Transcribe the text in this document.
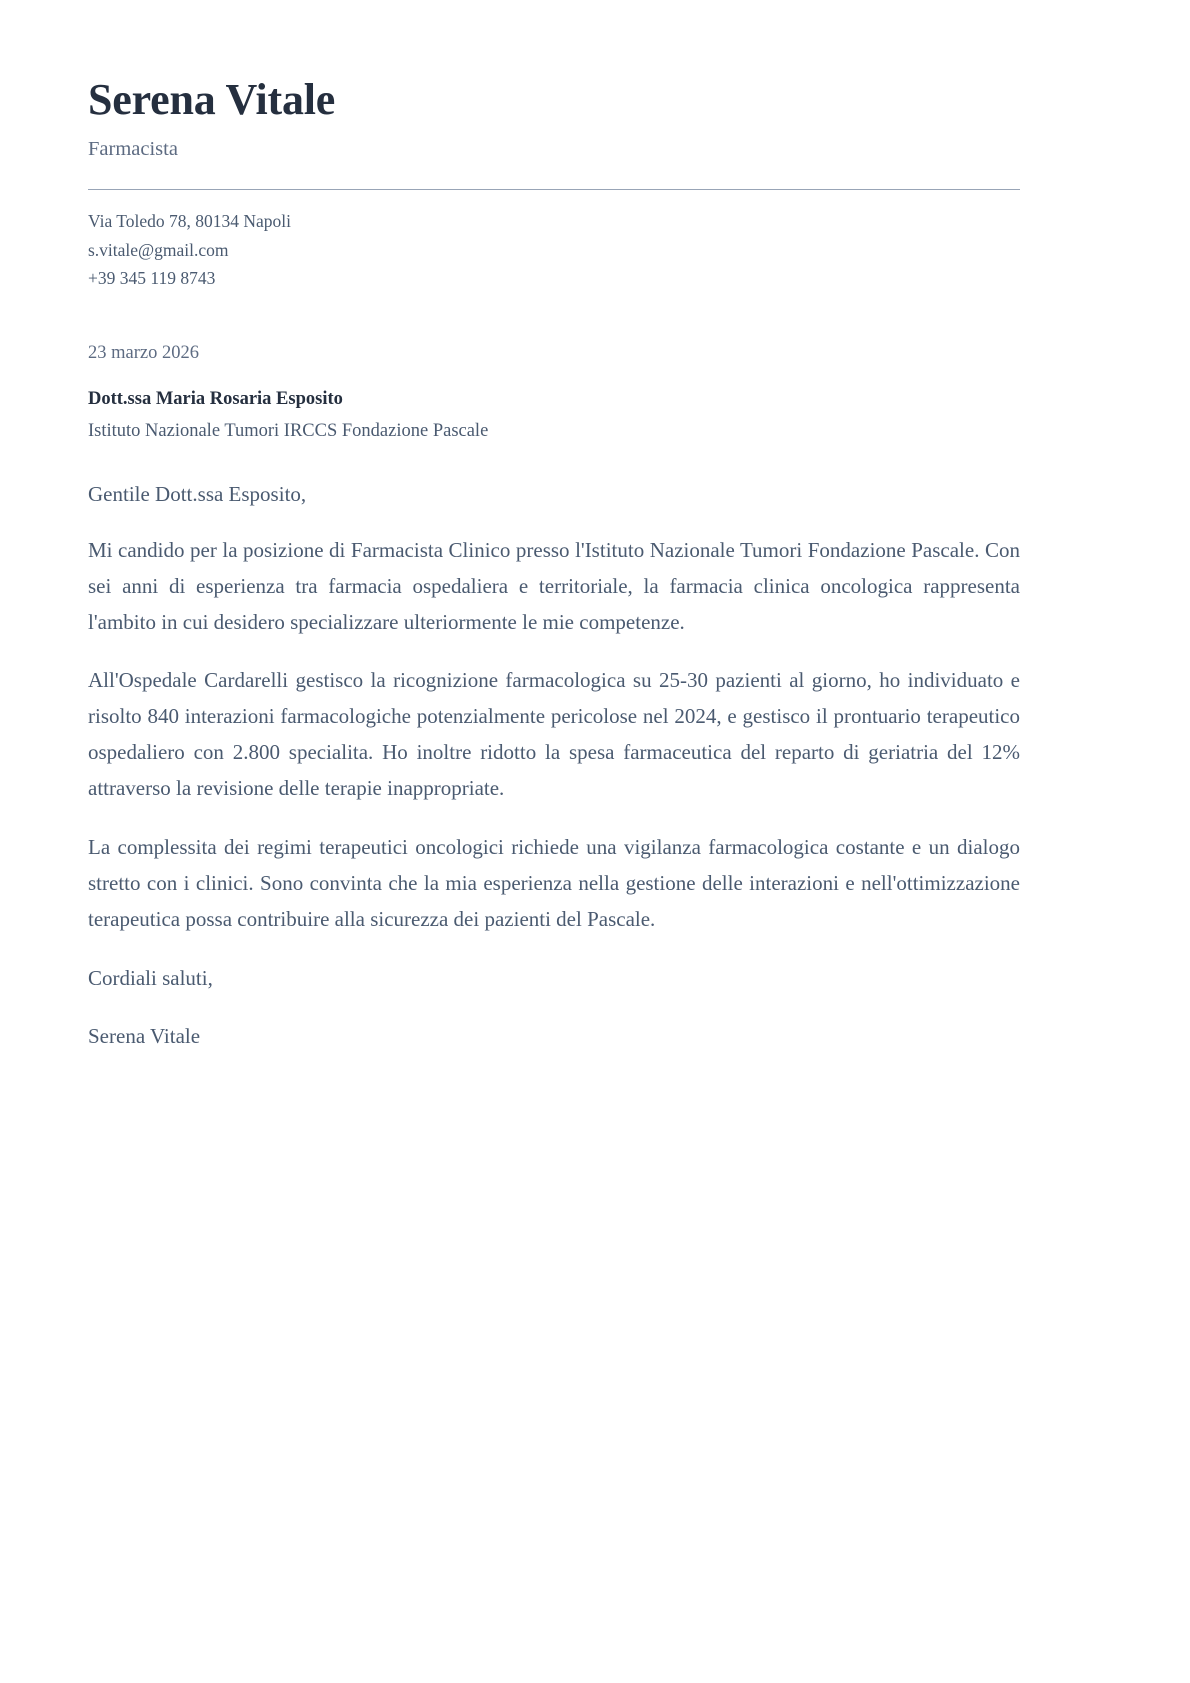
Serena Vitale
Farmacista
Via Toledo 78, 80134 Napoli
s.vitale@gmail.com
+39 345 119 8743
23 marzo 2026
Dott.ssa Maria Rosaria Esposito
Istituto Nazionale Tumori IRCCS Fondazione Pascale
Gentile Dott.ssa Esposito,

Mi candido per la posizione di Farmacista Clinico presso l'Istituto Nazionale Tumori Fondazione Pascale. Con sei anni di esperienza tra farmacia ospedaliera e territoriale, la farmacia clinica oncologica rappresenta l'ambito in cui desidero specializzare ulteriormente le mie competenze.

All'Ospedale Cardarelli gestisco la ricognizione farmacologica su 25-30 pazienti al giorno, ho individuato e risolto 840 interazioni farmacologiche potenzialmente pericolose nel 2024, e gestisco il prontuario terapeutico ospedaliero con 2.800 specialita. Ho inoltre ridotto la spesa farmaceutica del reparto di geriatria del 12% attraverso la revisione delle terapie inappropriate.

La complessita dei regimi terapeutici oncologici richiede una vigilanza farmacologica costante e un dialogo stretto con i clinici. Sono convinta che la mia esperienza nella gestione delle interazioni e nell'ottimizzazione terapeutica possa contribuire alla sicurezza dei pazienti del Pascale.

Cordiali saluti,
Serena Vitale
